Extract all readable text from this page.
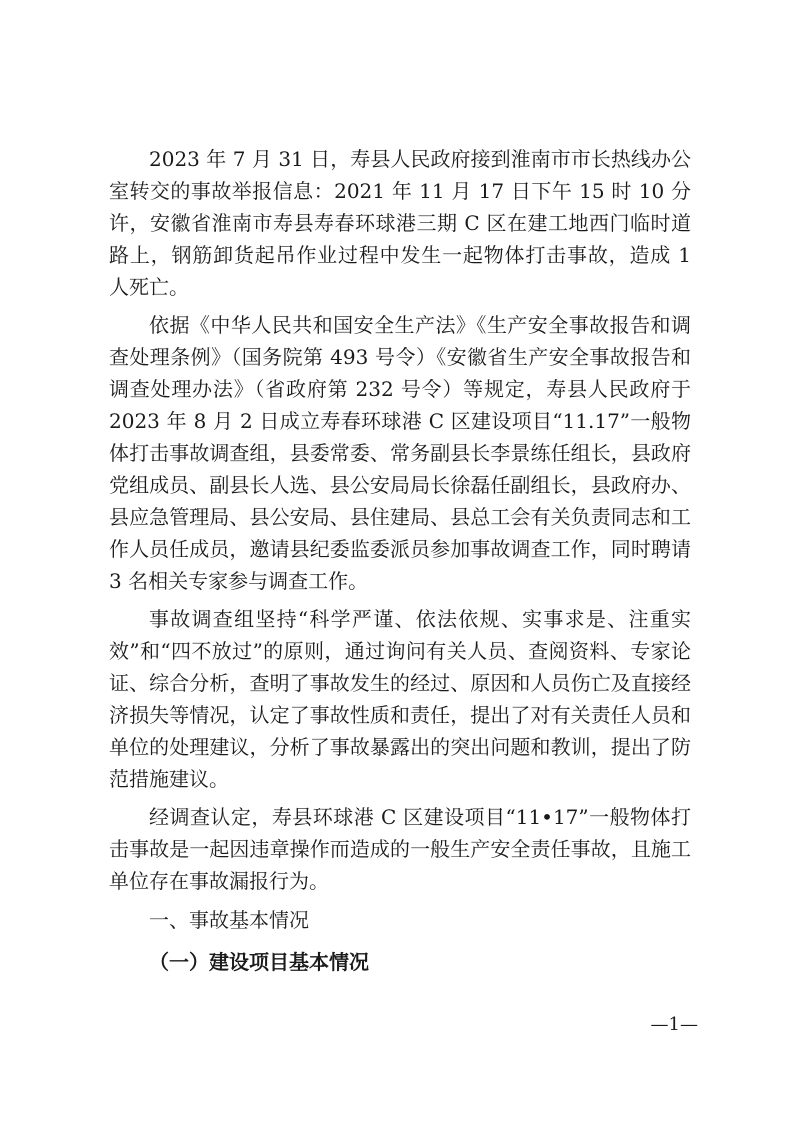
2023 年 7 月 31 日，寿县人民政府接到淮南市市长热线办公室转交的事故举报信息：2021 年 11 月 17 日下午 15 时 10 分许，安徽省淮南市寿县寿春环球港三期 C 区在建工地西门临时道路上，钢筋卸货起吊作业过程中发生一起物体打击事故，造成 1 人死亡。

依据《中华人民共和国安全生产法》《生产安全事故报告和调查处理条例》（国务院第 493 号令）《安徽省生产安全事故报告和调查处理办法》（省政府第 232 号令）等规定，寿县人民政府于 2023 年 8 月 2 日成立寿春环球港 C 区建设项目“11.17”一般物体打击事故调查组，县委常委、常务副县长李景练任组长，县政府党组成员、副县长人选、县公安局局长徐磊任副组长，县政府办、县应急管理局、县公安局、县住建局、县总工会有关负责同志和工作人员任成员，邀请县纪委监委派员参加事故调查工作，同时聘请 3 名相关专家参与调查工作。

事故调查组坚持“科学严谨、依法依规、实事求是、注重实效”和“四不放过”的原则，通过询问有关人员、查阅资料、专家论证、综合分析，查明了事故发生的经过、原因和人员伤亡及直接经济损失等情况，认定了事故性质和责任，提出了对有关责任人员和单位的处理建议，分析了事故暴露出的突出问题和教训，提出了防范措施建议。

经调查认定，寿县环球港 C 区建设项目“11•17”一般物体打击事故是一起因违章操作而造成的一般生产安全责任事故，且施工单位存在事故漏报行为。

一、事故基本情况
（一）建设项目基本情况
—1—
